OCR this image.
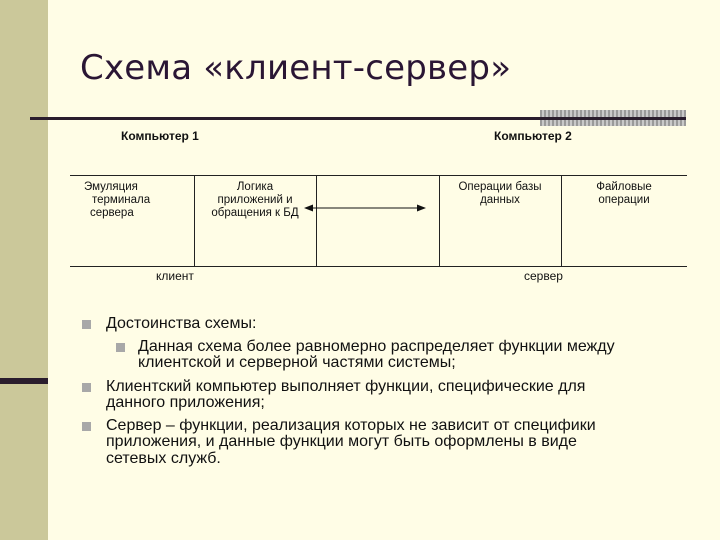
Схема «клиент-сервер»
Компьютер 1	Компьютер 2
Эмуляция
терминала
сервера
Логика
приложений и
обращения к БД
Операции базы
данных
Файловые
операции
клиент	сервер
Достоинства схемы:
Данная схема более равномерно распределяет функции между
клиентской и серверной частями системы;
Клиентский компьютер выполняет функции, специфические для
данного приложения;
Сервер – функции, реализация которых не зависит от специфики
приложения, и данные функции могут быть оформлены в виде
сетевых служб.
